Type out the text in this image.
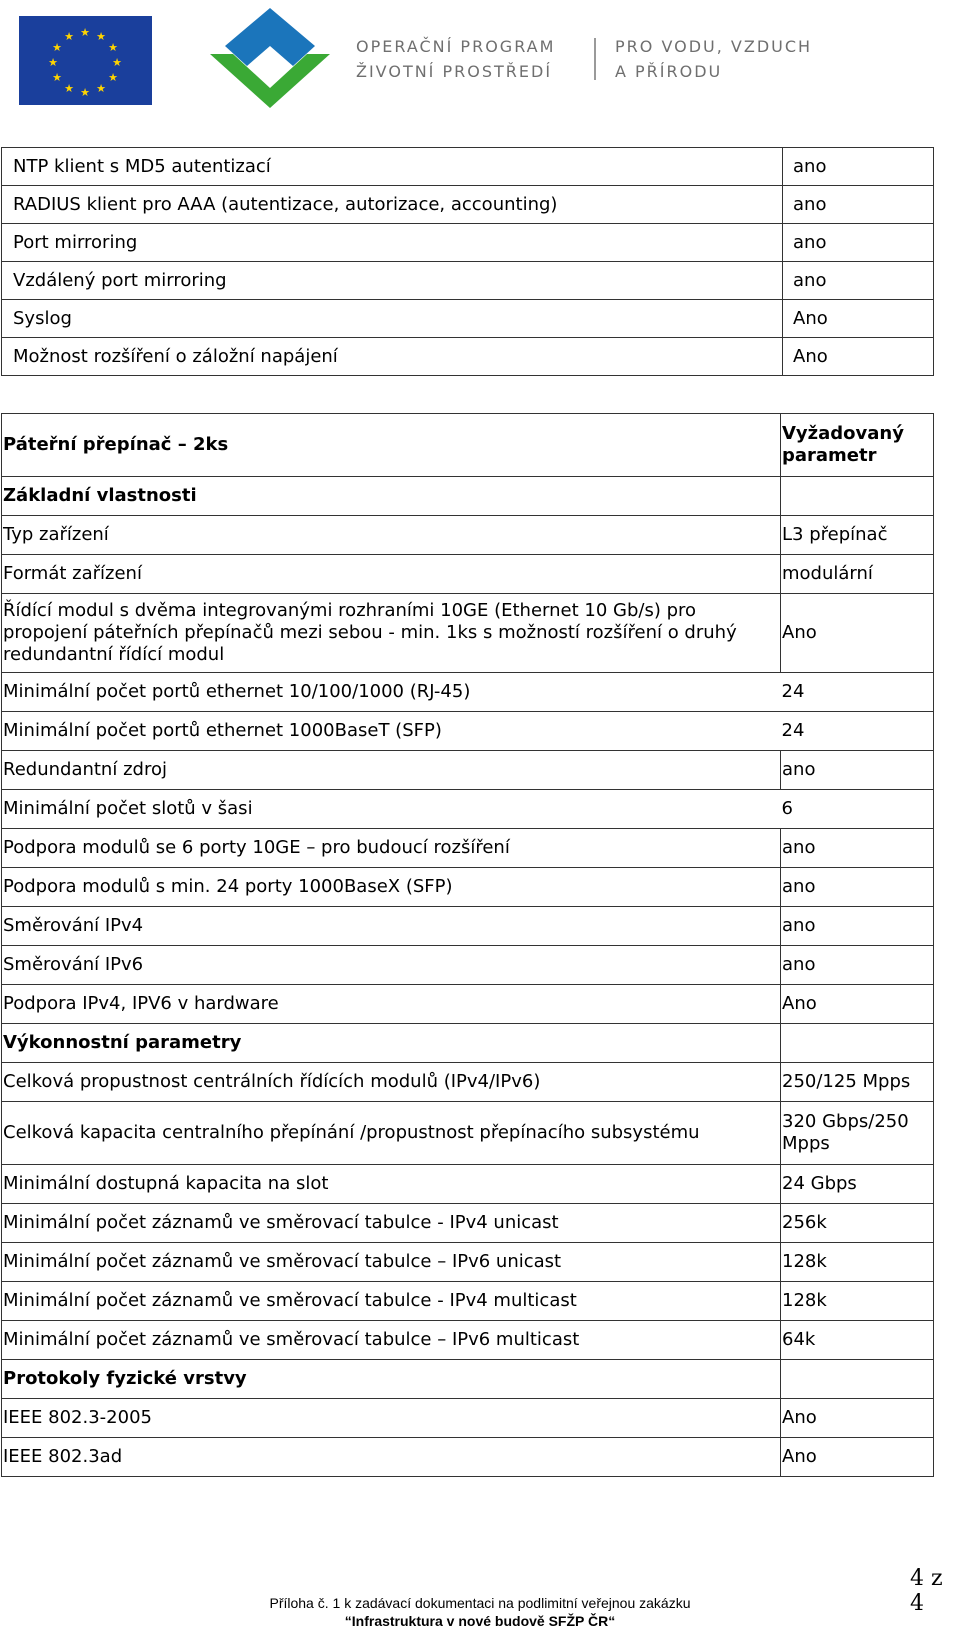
★ ★
★
★
★
★
★
★
★
★
★
★
OPERAČNÍ PROGRAM
ŽIVOTNÍ PROSTŘEDÍ
PRO VODU, VZDUCH
A PŘÍRODU
NTP klient s MD5 autentizací	ano
RADIUS klient pro AAA (autentizace, autorizace, accounting)	ano
Port mirroring	ano
Vzdálený port mirroring	ano
Syslog	Ano
Možnost rozšíření o záložní napájení	Ano
Páteřní přepínač – 2ks	Vyžadovaný parametr
Základní vlastnosti	
Typ zařízení	L3 přepínač
Formát zařízení	modulární
Řídící modul s dvěma integrovanými rozhraními 10GE (Ethernet 10 Gb/s) pro propojení páteřních přepínačů mezi sebou - min. 1ks s možností rozšíření o druhý redundantní řídící modul	Ano
Minimální počet portů ethernet 10/100/1000 (RJ-45)	24
Minimální počet portů ethernet 1000BaseT (SFP)	24
Redundantní zdroj	ano
Minimální počet slotů v šasi	6
Podpora modulů se 6 porty 10GE – pro budoucí rozšíření	ano
Podpora modulů s min. 24 porty 1000BaseX (SFP)	ano
Směrování IPv4	ano
Směrování IPv6	ano
Podpora IPv4, IPV6 v hardware	Ano
Výkonnostní parametry	
Celková propustnost centrálních řídících modulů (IPv4/IPv6)	250/125 Mpps
Celková kapacita centralního přepínání /propustnost přepínacího subsystému	320 Gbps/250 Mpps
Minimální dostupná kapacita na slot	24 Gbps
Minimální počet záznamů ve směrovací tabulce - IPv4 unicast	256k
Minimální počet záznamů ve směrovací tabulce – IPv6 unicast	128k
Minimální počet záznamů ve směrovací tabulce - IPv4 multicast	128k
Minimální počet záznamů ve směrovací tabulce – IPv6 multicast	64k
Protokoly fyzické vrstvy	
IEEE 802.3-2005	Ano
IEEE 802.3ad	Ano
4 z 4
Příloha č. 1 k zadávací dokumentaci na podlimitní veřejnou zakázku
“Infrastruktura v nové budově SFŽP ČR“
